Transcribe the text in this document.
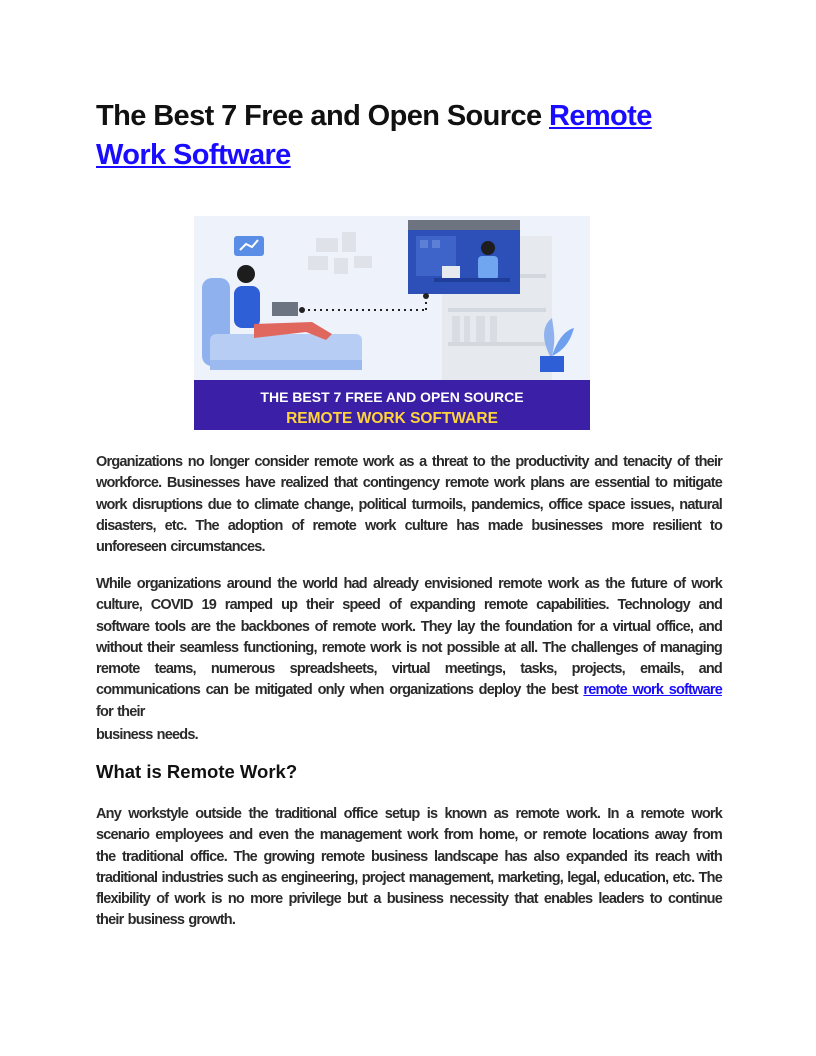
The Best 7 Free and Open Source Remote Work Software
THE BEST 7 FREE AND OPEN SOURCE
REMOTE WORK SOFTWARE

Organizations no longer consider remote work as a threat to the productivity and tenacity of their workforce. Businesses have realized that contingency remote work plans are essential to mitigate work disruptions due to climate change, political turmoils, pandemics, office space issues, natural disasters, etc. The adoption of remote work culture has made businesses more resilient to unforeseen circumstances.

While organizations around the world had already envisioned remote work as the future of work culture, COVID 19 ramped up their speed of expanding remote capabilities. Technology and software tools are the backbones of remote work. They lay the foundation for a virtual office, and without their seamless functioning, remote work is not possible at all. The challenges of managing remote teams, numerous spreadsheets, virtual meetings, tasks, projects, emails, and communications can be mitigated only when organizations deploy the best remote work software for their
business needs.

What is Remote Work?

Any workstyle outside the traditional office setup is known as remote work. In a remote work scenario employees and even the management work from home, or remote locations away from the traditional office. The growing remote business landscape has also expanded its reach with traditional industries such as engineering, project management, marketing, legal, education, etc. The flexibility of work is no more privilege but a business necessity that enables leaders to continue their business growth.
